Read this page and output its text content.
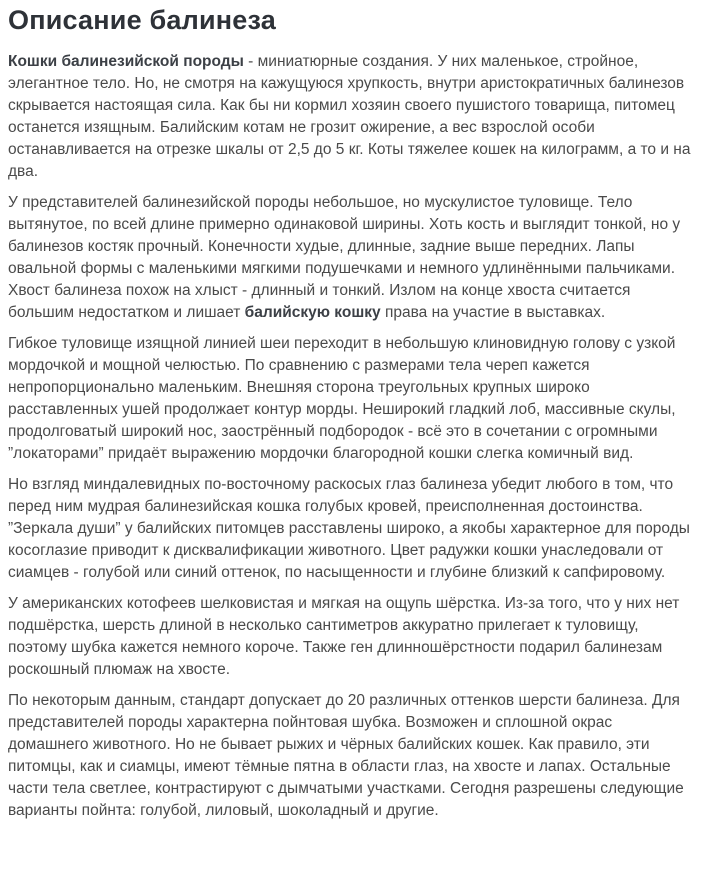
Описание балинеза

Кошки балинезийской породы - миниатюрные создания. У них маленькое, стройное, элегантное тело. Но, не смотря на кажущуюся хрупкость, внутри аристократичных балинезов скрывается настоящая сила. Как бы ни кормил хозяин своего пушистого товарища, питомец останется изящным. Балийским котам не грозит ожирение, а вес взрослой особи останавливается на отрезке шкалы от 2,5 до 5 кг. Коты тяжелее кошек на килограмм, а то и на два.

У представителей балинезийской породы небольшое, но мускулистое туловище. Тело вытянутое, по всей длине примерно одинаковой ширины. Хоть кость и выглядит тонкой, но у балинезов костяк прочный. Конечности худые, длинные, задние выше передних. Лапы овальной формы с маленькими мягкими подушечками и немного удлинёнными пальчиками. Хвост балинеза похож на хлыст - длинный и тонкий. Излом на конце хвоста считается большим недостатком и лишает балийскую кошку права на участие в выставках.

Гибкое туловище изящной линией шеи переходит в небольшую клиновидную голову с узкой мордочкой и мощной челюстью. По сравнению с размерами тела череп кажется непропорционально маленьким. Внешняя сторона треугольных крупных широко расставленных ушей продолжает контур морды. Неширокий гладкий лоб, массивные скулы, продолговатый широкий нос, заострённый подбородок - всё это в сочетании с огромными ”локаторами” придаёт выражению мордочки благородной кошки слегка комичный вид.

Но взгляд миндалевидных по-восточному раскосых глаз балинеза убедит любого в том, что перед ним мудрая балинезийская кошка голубых кровей, преисполненная достоинства. ”Зеркала души” у балийских питомцев расставлены широко, а якобы характерное для породы косоглазие приводит к дисквалификации животного. Цвет радужки кошки унаследовали от сиамцев - голубой или синий оттенок, по насыщенности и глубине близкий к сапфировому.

У американских котофеев шелковистая и мягкая на ощупь шёрстка. Из-за того, что у них нет подшёрстка, шерсть длиной в несколько сантиметров аккуратно прилегает к туловищу, поэтому шубка кажется немного короче. Также ген длинношёрстности подарил балинезам роскошный плюмаж на хвосте.

По некоторым данным, стандарт допускает до 20 различных оттенков шерсти балинеза. Для представителей породы характерна пойнтовая шубка. Возможен и сплошной окрас домашнего животного. Но не бывает рыжих и чёрных балийских кошек. Как правило, эти питомцы, как и сиамцы, имеют тёмные пятна в области глаз, на хвосте и лапах. Остальные части тела светлее, контрастируют с дымчатыми участками. Сегодня разрешены следующие варианты пойнта: голубой, лиловый, шоколадный и другие.
